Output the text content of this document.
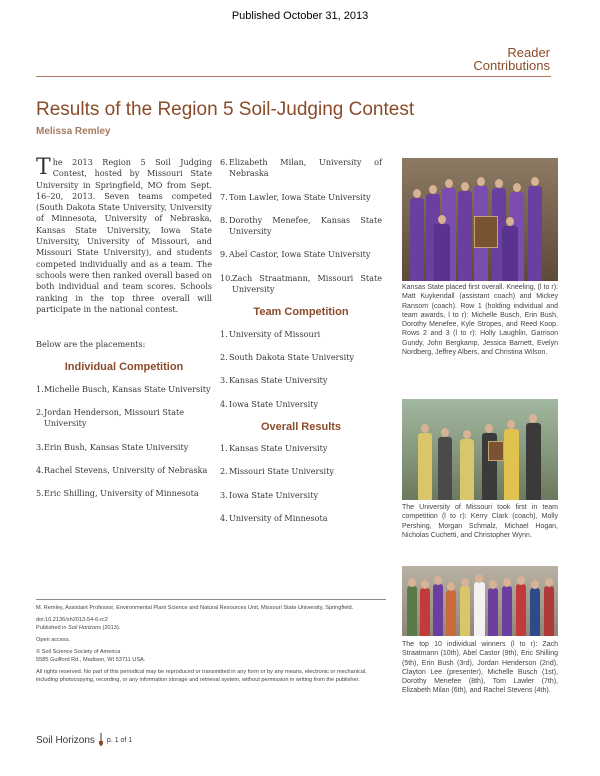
Published October 31, 2013
Reader
Contributions
Results of the Region 5 Soil-Judging Contest
Melissa Remley

The 2013 Region 5 Soil Judging Contest, hosted by Missouri State University in Springfield, MO from Sept. 16–20, 2013. Seven teams competed (South Dakota State University, University of Minnesota, University of Nebraska, Kansas State University, Iowa State University, University of Missouri, and Missouri State University), and students competed individually and as a team. The schools were then ranked overall based on both individual and team scores. Schools ranking in the top three overall will participate in the national contest.

Below are the placements:

Individual Competition
1. Michelle Busch, Kansas State University
2. Jordan Henderson, Missouri State University
3. Erin Bush, Kansas State University
4. Rachel Stevens, University of Nebraska
5. Eric Shilling, University of Minnesota
6. Elizabeth Milan, University of Nebraska
7. Tom Lawler, Iowa State University
8. Dorothy Menefee, Kansas State University
9. Abel Castor, Iowa State University
10. Zach Straatmann, Missouri State University
Team Competition
1. University of Missouri
2. South Dakota State University
3. Kansas State University
4. Iowa State University
Overall Results
1. Kansas State University
2. Missouri State University
3. Iowa State University
4. University of Minnesota
Kansas State placed first overall. Kneeling, (l to r): Matt Kuykendall (assistant coach) and Mickey Ransom (coach). Row 1 (holding individual and team awards, l to r): Michelle Busch, Erin Bush, Dorothy Menefee, Kyle Stropes, and Reed Koop. Rows 2 and 3 (l to r): Holly Laughlin, Garrison Gundy, John Bergkamp, Jessica Barnett, Evelyn Nordberg, Jeffrey Albers, and Christina Wilson.
The University of Missouri took first in team competition (l to r): Kerry Clark (coach), Molly Pershing, Morgan Schmalz, Michael Hogan, Nicholas Cuchetti, and Christopher Wynn.
The top 10 individual winners (l to r): Zach Straatmann (10th), Abel Castor (9th), Eric Shilling (5th), Erin Bush (3rd), Jordan Henderson (2nd), Clayton Lee (presenter), Michelle Busch (1st), Dorothy Menefee (8th), Tom Lawler (7th), Elizabeth Milan (6th), and Rachel Stevens (4th).

M. Remley, Assistant Professor, Environmental Plant Science and Natural Resources Unit, Missouri State University, Springfield.

doi:10.2136/sh2013-54-6-rc2
Published in Soil Horizons (2013).

Open access.

© Soil Science Society of America
5585 Guilford Rd., Madison, WI 53711 USA.

All rights reserved. No part of this periodical may be reproduced or transmitted in any form or by any means, electronic or mechanical, including photocopying, recording, or any information storage and retrieval system, without permission in writing from the publisher.

Soil Horizons p. 1 of 1
